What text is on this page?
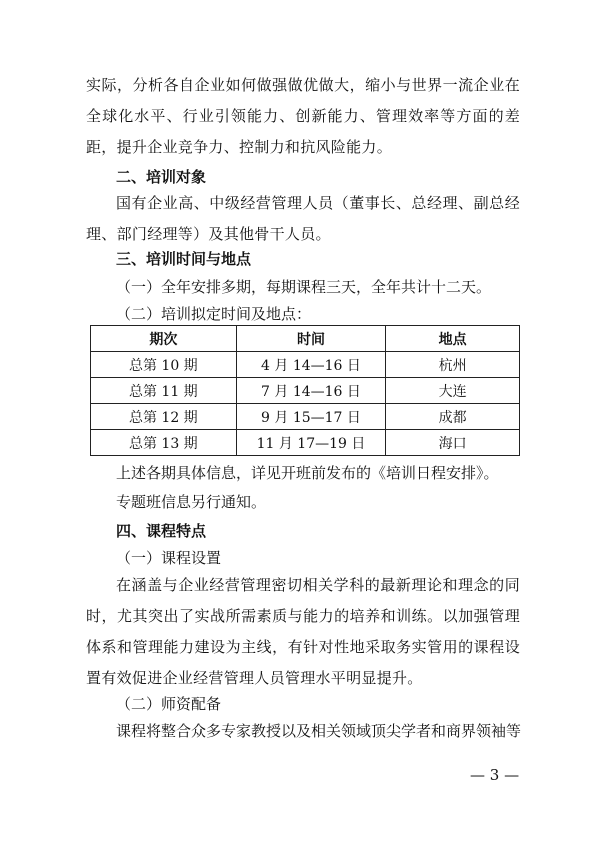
实际，分析各自企业如何做强做优做大，缩小与世界一流企业在全球化水平、行业引领能力、创新能力、管理效率等方面的差距，提升企业竞争力、控制力和抗风险能力。

二、培训对象

国有企业高、中级经营管理人员（董事长、总经理、副总经理、部门经理等）及其他骨干人员。

三、培训时间与地点

（一）全年安排多期，每期课程三天，全年共计十二天。

（二）培训拟定时间及地点：

期次	时间	地点
总第 10 期	4 月 14—16 日	杭州
总第 11 期	7 月 14—16 日	大连
总第 12 期	9 月 15—17 日	成都
总第 13 期	11 月 17—19 日	海口

上述各期具体信息，详见开班前发布的《培训日程安排》。

专题班信息另行通知。

四、课程特点

（一）课程设置

在涵盖与企业经营管理密切相关学科的最新理论和理念的同时，尤其突出了实战所需素质与能力的培养和训练。以加强管理体系和管理能力建设为主线，有针对性地采取务实管用的课程设置有效促进企业经营管理人员管理水平明显提升。

（二）师资配备

课程将整合众多专家教授以及相关领域顶尖学者和商界领袖等

— 3 —
